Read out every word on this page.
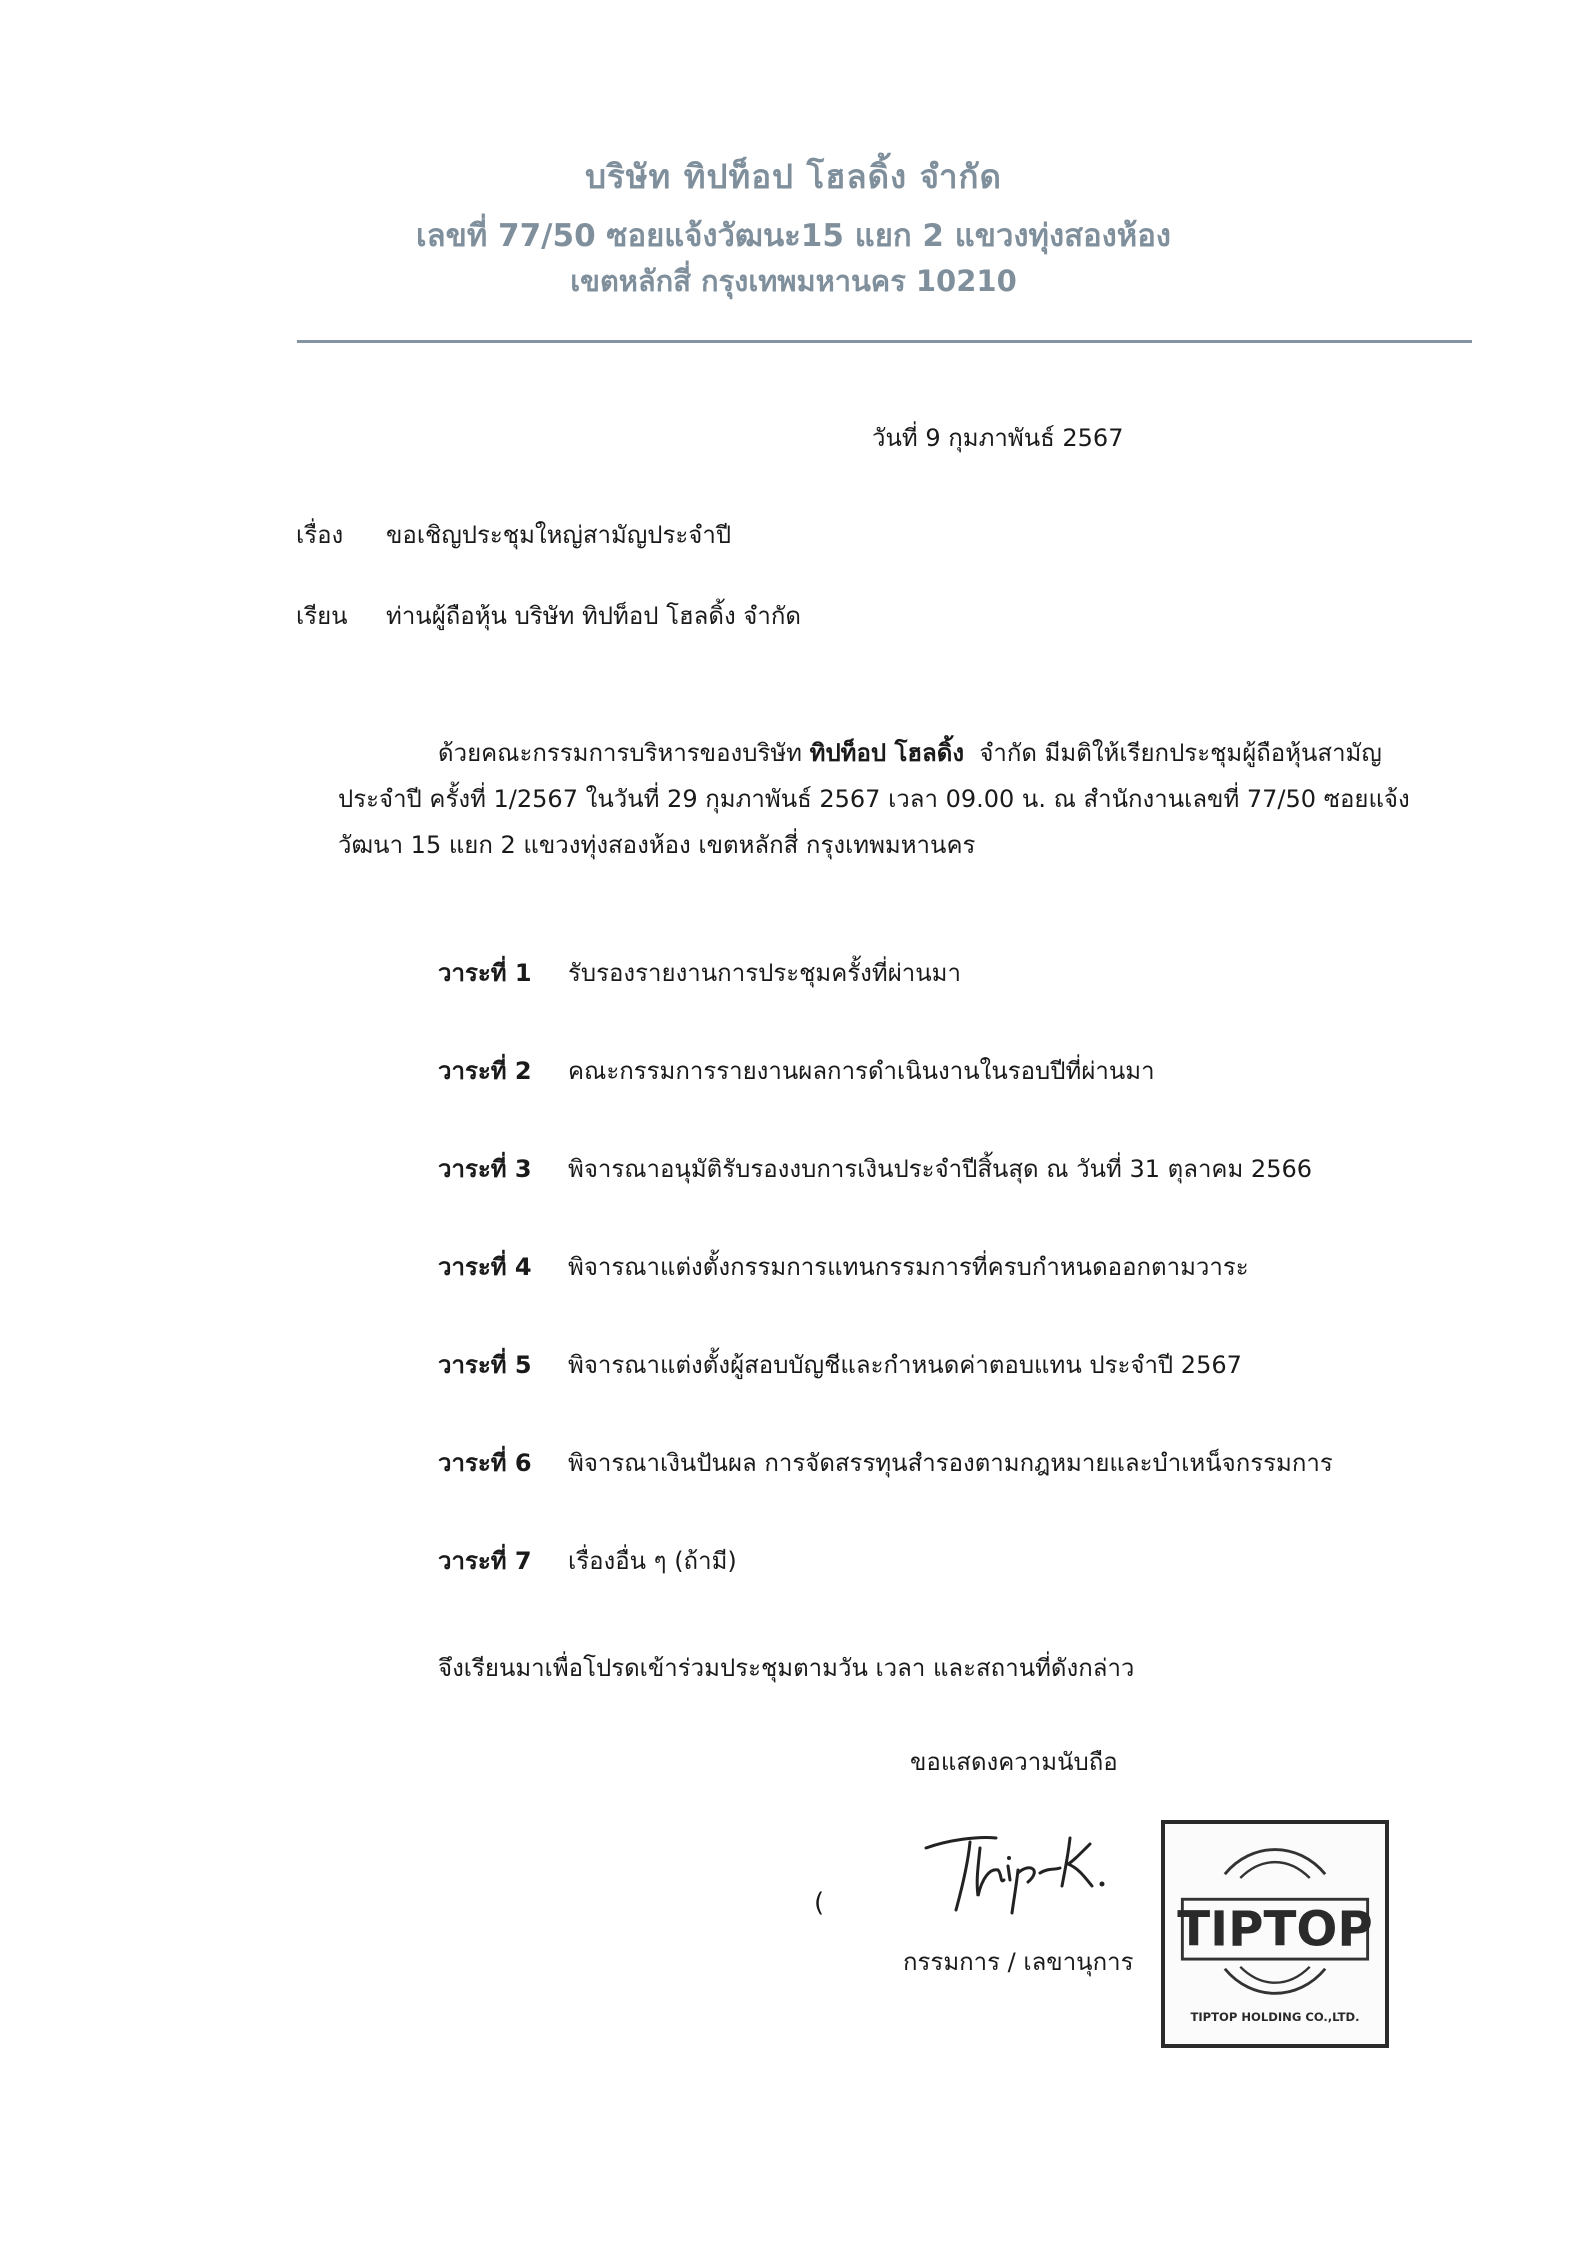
บริษัท ทิปท็อป โฮลดิ้ง จำกัด
เลขที่ 77/50 ซอยแจ้งวัฒนะ15 แยก 2 แขวงทุ่งสองห้อง
เขตหลักสี่ กรุงเทพมหานคร 10210
วันที่ 9 กุมภาพันธ์ 2567
เรื่อง ขอเชิญประชุมใหญ่สามัญประจำปี
เรียน ท่านผู้ถือหุ้น บริษัท ทิปท็อป โฮลดิ้ง จำกัด
ด้วยคณะกรรมการบริหารของบริษัท ทิปท็อป โฮลดิ้ง จำกัด มีมติให้เรียกประชุมผู้ถือหุ้นสามัญ
ประจำปี ครั้งที่ 1/2567 ในวันที่ 29 กุมภาพันธ์ 2567 เวลา 09.00 น. ณ สำนักงานเลขที่ 77/50 ซอยแจ้ง
วัฒนา 15 แยก 2 แขวงทุ่งสองห้อง เขตหลักสี่ กรุงเทพมหานคร
วาระที่ 1 รับรองรายงานการประชุมครั้งที่ผ่านมา
วาระที่ 2 คณะกรรมการรายงานผลการดำเนินงานในรอบปีที่ผ่านมา
วาระที่ 3 พิจารณาอนุมัติรับรองงบการเงินประจำปีสิ้นสุด ณ วันที่ 31 ตุลาคม 2566
วาระที่ 4 พิจารณาแต่งตั้งกรรมการแทนกรรมการที่ครบกำหนดออกตามวาระ
วาระที่ 5 พิจารณาแต่งตั้งผู้สอบบัญชีและกำหนดค่าตอบแทน ประจำปี 2567
วาระที่ 6 พิจารณาเงินปันผล การจัดสรรทุนสำรองตามกฎหมายและบำเหน็จกรรมการ
วาระที่ 7 เรื่องอื่น ๆ (ถ้ามี)
จึงเรียนมาเพื่อโปรดเข้าร่วมประชุมตามวัน เวลา และสถานที่ดังกล่าว
ขอแสดงความนับถือ
(
กรรมการ / เลขานุการ
TIPTOP
TIPTOP HOLDING CO.,LTD.
